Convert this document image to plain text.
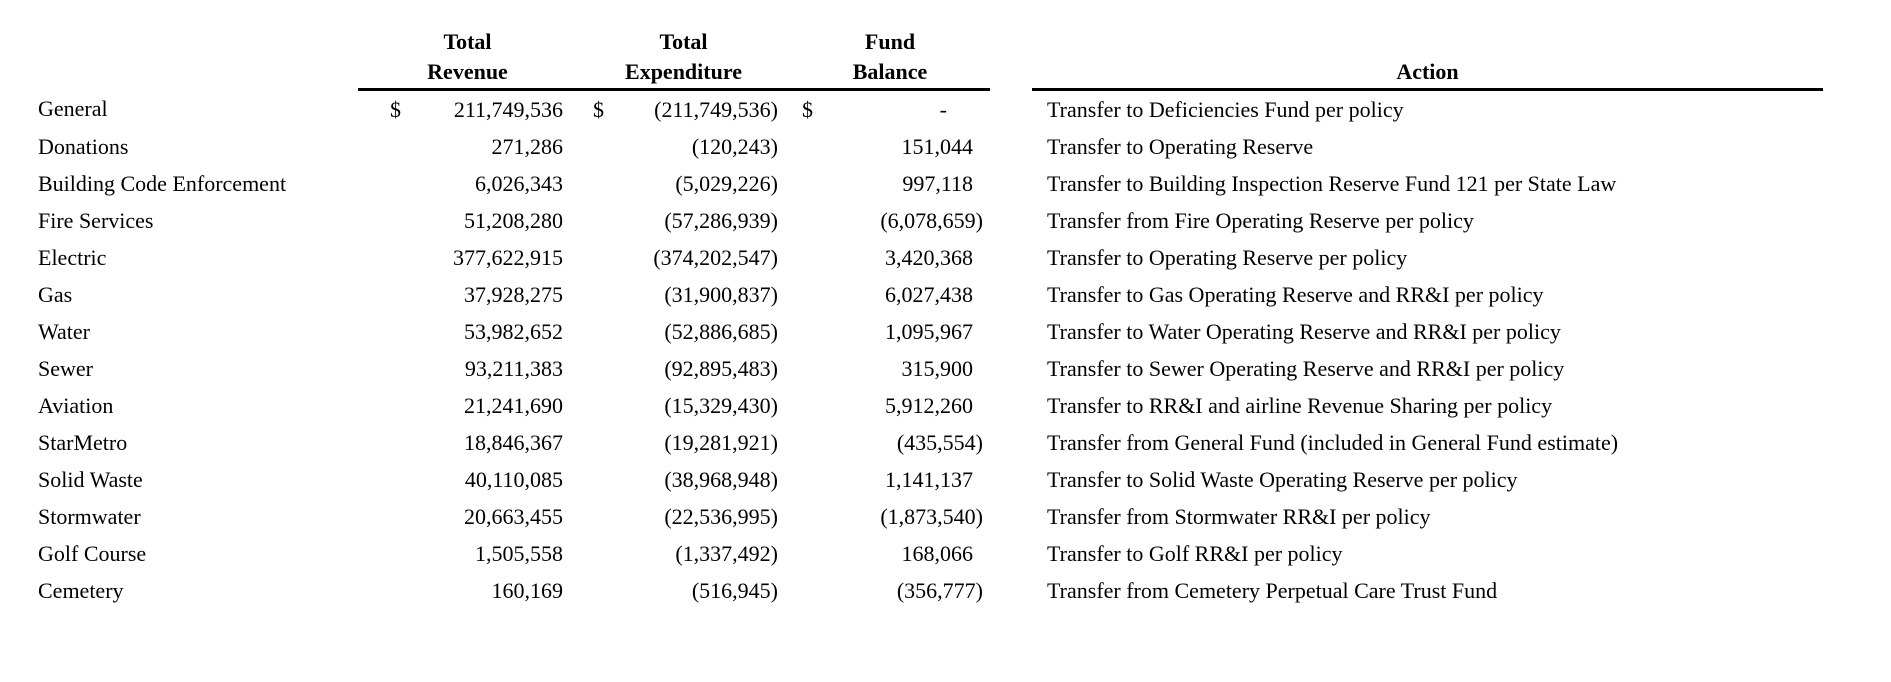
	Total	Total	Fund			
	Revenue	Expenditure	Balance		Action	
General	$ 211,749,536	$ (211,749,536)	$ -		Transfer to Deficiencies Fund per policy	
Donations	271,286	(120,243)	151,044		Transfer to Operating Reserve	
Building Code Enforcement	6,026,343	(5,029,226)	997,118		Transfer to Building Inspection Reserve Fund 121 per State Law	
Fire Services	51,208,280	(57,286,939)	(6,078,659)		Transfer from Fire Operating Reserve per policy	
Electric	377,622,915	(374,202,547)	3,420,368		Transfer to Operating Reserve per policy	
Gas	37,928,275	(31,900,837)	6,027,438		Transfer to Gas Operating Reserve and RR&I per policy	
Water	53,982,652	(52,886,685)	1,095,967		Transfer to Water Operating Reserve and RR&I per policy	
Sewer	93,211,383	(92,895,483)	315,900		Transfer to Sewer Operating Reserve and RR&I per policy	
Aviation	21,241,690	(15,329,430)	5,912,260		Transfer to RR&I and airline Revenue Sharing per policy	
StarMetro	18,846,367	(19,281,921)	(435,554)		Transfer from General Fund (included in General Fund estimate)	
Solid Waste	40,110,085	(38,968,948)	1,141,137		Transfer to Solid Waste Operating Reserve per policy	
Stormwater	20,663,455	(22,536,995)	(1,873,540)		Transfer from Stormwater RR&I per policy	
Golf Course	1,505,558	(1,337,492)	168,066		Transfer to Golf RR&I per policy	
Cemetery	160,169	(516,945)	(356,777)		Transfer from Cemetery Perpetual Care Trust Fund	
